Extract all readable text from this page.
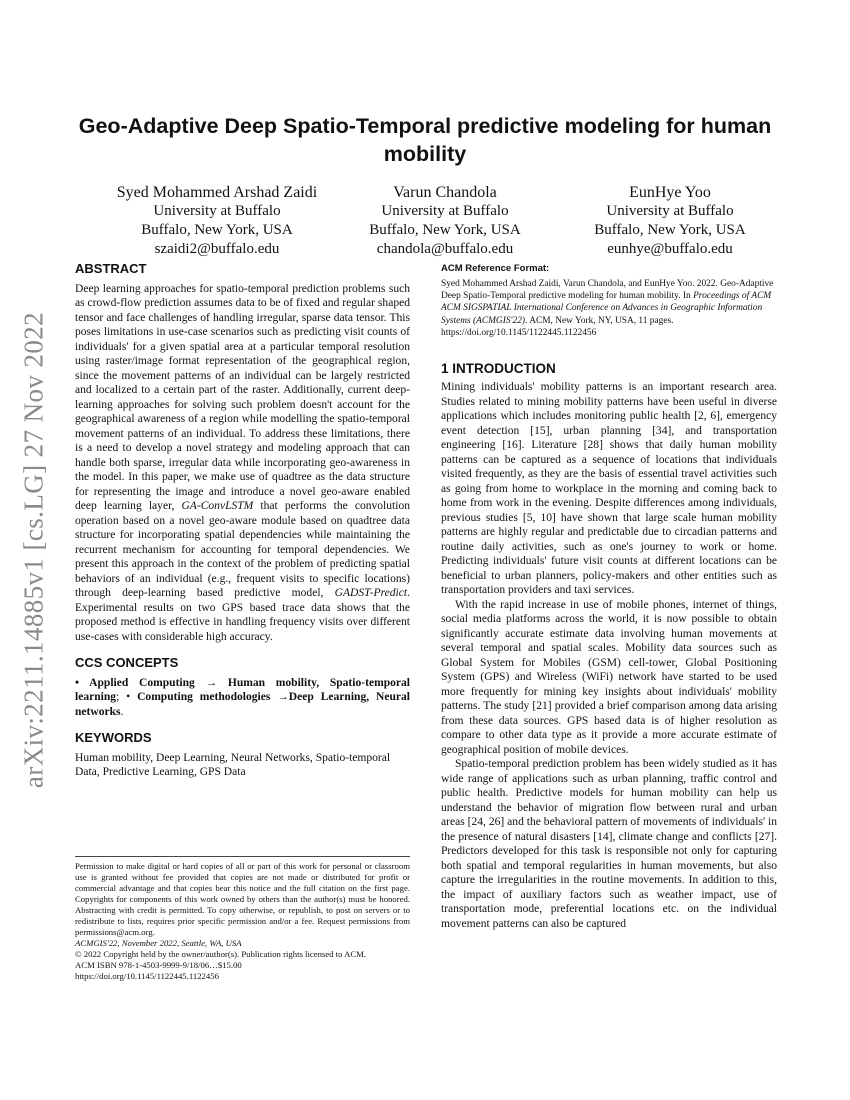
arXiv:2211.14885v1 [cs.LG] 27 Nov 2022
Geo-Adaptive Deep Spatio-Temporal predictive modeling for human mobility
Syed Mohammed Arshad Zaidi
University at Buffalo
Buffalo, New York, USA
szaidi2@buffalo.edu
Varun Chandola
University at Buffalo
Buffalo, New York, USA
chandola@buffalo.edu
EunHye Yoo
University at Buffalo
Buffalo, New York, USA
eunhye@buffalo.edu
ABSTRACT

Deep learning approaches for spatio-temporal prediction problems such as crowd-flow prediction assumes data to be of fixed and regular shaped tensor and face challenges of handling irregular, sparse data tensor. This poses limitations in use-case scenarios such as predicting visit counts of individuals' for a given spatial area at a particular temporal resolution using raster/image format representation of the geographical region, since the movement patterns of an individual can be largely restricted and localized to a certain part of the raster. Additionally, current deep-learning approaches for solving such problem doesn't account for the geographical awareness of a region while modelling the spatio-temporal movement patterns of an individual. To address these limitations, there is a need to develop a novel strategy and modeling approach that can handle both sparse, irregular data while incorporating geo-awareness in the model. In this paper, we make use of quadtree as the data structure for representing the image and introduce a novel geo-aware enabled deep learning layer, GA-ConvLSTM that performs the convolution operation based on a novel geo-aware module based on quadtree data structure for incorporating spatial dependencies while maintaining the recurrent mechanism for accounting for temporal dependencies. We present this approach in the context of the problem of predicting spatial behaviors of an individual (e.g., frequent visits to specific locations) through deep-learning based predictive model, GADST-Predict. Experimental results on two GPS based trace data shows that the proposed method is effective in handling frequency visits over different use-cases with considerable high accuracy.

CCS CONCEPTS

• Applied Computing → Human mobility, Spatio-temporal learning; • Computing methodologies →Deep Learning, Neural networks.

KEYWORDS

Human mobility, Deep Learning, Neural Networks, Spatio-temporal Data, Predictive Learning, GPS Data

Permission to make digital or hard copies of all or part of this work for personal or classroom use is granted without fee provided that copies are not made or distributed for profit or commercial advantage and that copies bear this notice and the full citation on the first page. Copyrights for components of this work owned by others than the author(s) must be honored. Abstracting with credit is permitted. To copy otherwise, or republish, to post on servers or to redistribute to lists, requires prior specific permission and/or a fee. Request permissions from permissions@acm.org.
ACMGIS'22, November 2022, Seattle, WA, USA
© 2022 Copyright held by the owner/author(s). Publication rights licensed to ACM.
ACM ISBN 978-1-4503-9999-9/18/06…$15.00
https://doi.org/10.1145/1122445.1122456
ACM Reference Format:

Syed Mohammed Arshad Zaidi, Varun Chandola, and EunHye Yoo. 2022. Geo-Adaptive Deep Spatio-Temporal predictive modeling for human mobility. In Proceedings of ACM ACM SIGSPATIAL International Conference on Advances in Geographic Information Systems (ACMGIS'22). ACM, New York, NY, USA, 11 pages. https://doi.org/10.1145/1122445.1122456

1 INTRODUCTION

Mining individuals' mobility patterns is an important research area. Studies related to mining mobility patterns have been useful in diverse applications which includes monitoring public health [2, 6], emergency event detection [15], urban planning [34], and transportation engineering [16]. Literature [28] shows that daily human mobility patterns can be captured as a sequence of locations that individuals visited frequently, as they are the basis of essential travel activities such as going from home to workplace in the morning and coming back to home from work in the evening. Despite differences among individuals, previous studies [5, 10] have shown that large scale human mobility patterns are highly regular and predictable due to circadian patterns and routine daily activities, such as one's journey to work or home. Predicting individuals' future visit counts at different locations can be beneficial to urban planners, policy-makers and other entities such as transportation providers and taxi services.

With the rapid increase in use of mobile phones, internet of things, social media platforms across the world, it is now possible to obtain significantly accurate estimate data involving human movements at several temporal and spatial scales. Mobility data sources such as Global System for Mobiles (GSM) cell-tower, Global Positioning System (GPS) and Wireless (WiFi) network have started to be used more frequently for mining key insights about individuals' mobility patterns. The study [21] provided a brief comparison among data arising from these data sources. GPS based data is of higher resolution as compare to other data type as it provide a more accurate estimate of geographical position of mobile devices.

Spatio-temporal prediction problem has been widely studied as it has wide range of applications such as urban planning, traffic control and public health. Predictive models for human mobility can help us understand the behavior of migration flow between rural and urban areas [24, 26] and the behavioral pattern of movements of individuals' in the presence of natural disasters [14], climate change and conflicts [27]. Predictors developed for this task is responsible not only for capturing both spatial and temporal regularities in human movements, but also capture the irregularities in the routine movements. In addition to this, the impact of auxiliary factors such as weather impact, use of transportation mode, preferential locations etc. on the individual movement patterns can also be captured
